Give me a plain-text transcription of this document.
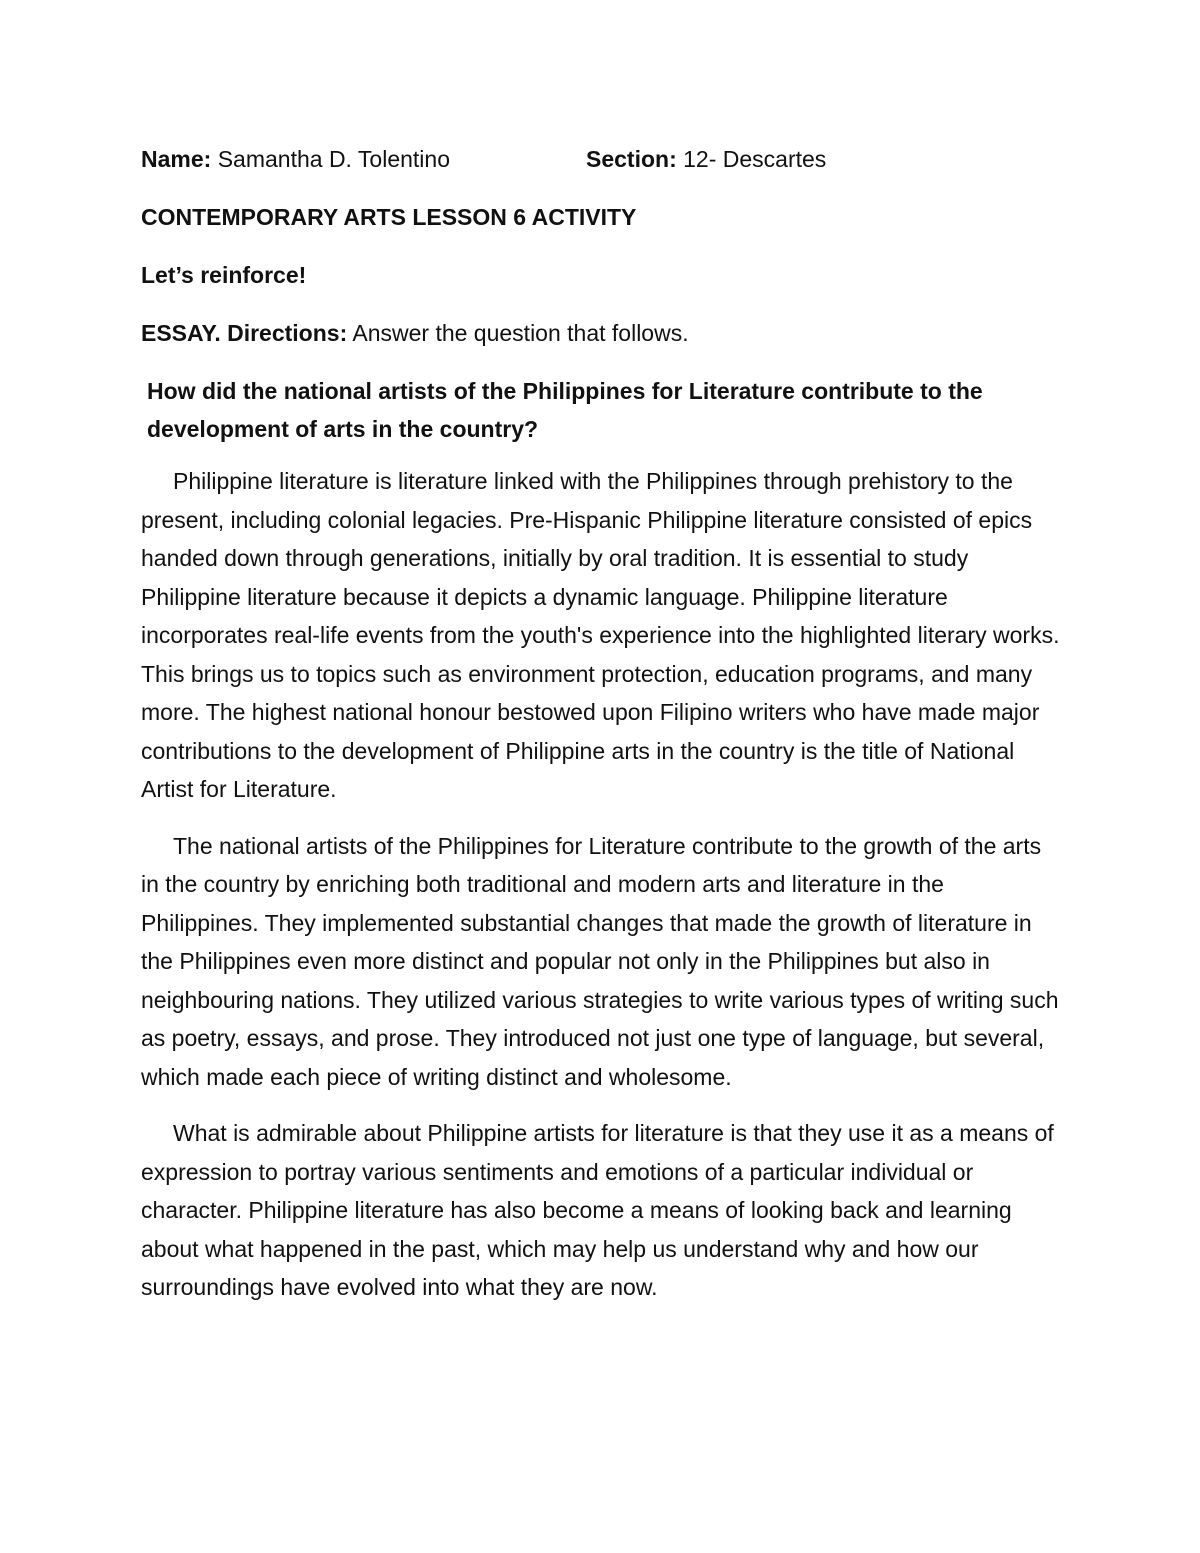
Name: Samantha D. Tolentino	Section: 12- Descartes

CONTEMPORARY ARTS LESSON 6 ACTIVITY

Let’s reinforce!

ESSAY. Directions: Answer the question that follows.

How did the national artists of the Philippines for Literature contribute to the development of arts in the country?

Philippine literature is literature linked with the Philippines through prehistory to the present, including colonial legacies. Pre-Hispanic Philippine literature consisted of epics handed down through generations, initially by oral tradition. It is essential to study Philippine literature because it depicts a dynamic language. Philippine literature incorporates real-life events from the youth's experience into the highlighted literary works. This brings us to topics such as environment protection, education programs, and many more. The highest national honour bestowed upon Filipino writers who have made major contributions to the development of Philippine arts in the country is the title of National Artist for Literature.

The national artists of the Philippines for Literature contribute to the growth of the arts in the country by enriching both traditional and modern arts and literature in the Philippines. They implemented substantial changes that made the growth of literature in the Philippines even more distinct and popular not only in the Philippines but also in neighbouring nations. They utilized various strategies to write various types of writing such as poetry, essays, and prose. They introduced not just one type of language, but several, which made each piece of writing distinct and wholesome.

What is admirable about Philippine artists for literature is that they use it as a means of expression to portray various sentiments and emotions of a particular individual or character. Philippine literature has also become a means of looking back and learning about what happened in the past, which may help us understand why and how our surroundings have evolved into what they are now.
